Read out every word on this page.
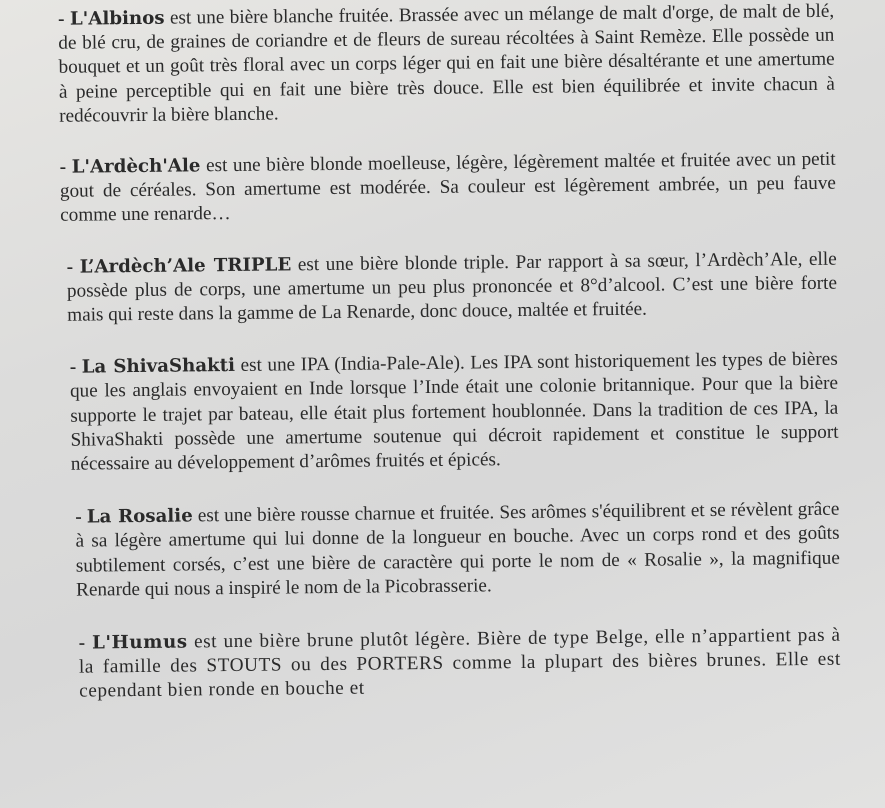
- L'Albinos est une bière blanche fruitée. Brassée avec un mélange de malt d'orge, de malt de blé, de blé cru, de graines de coriandre et de fleurs de sureau récoltées à Saint Remèze. Elle possède un bouquet et un goût très floral avec un corps léger qui en fait une bière désaltérante et une amertume à peine perceptible qui en fait une bière très douce. Elle est bien équilibrée et invite chacun à redécouvrir la bière blanche.

- L'Ardèch'Ale est une bière blonde moelleuse, légère, légèrement maltée et fruitée avec un petit gout de céréales. Son amertume est modérée. Sa couleur est légèrement ambrée, un peu fauve comme une renarde…

- L’Ardèch’Ale TRIPLE est une bière blonde triple. Par rapport à sa sœur, l’Ardèch’Ale, elle possède plus de corps, une amertume un peu plus prononcée et 8°d’alcool. C’est une bière forte mais qui reste dans la gamme de La Renarde, donc douce, maltée et fruitée.

- La ShivaShakti est une IPA (India-Pale-Ale). Les IPA sont historiquement les types de bières que les anglais envoyaient en Inde lorsque l’Inde était une colonie britannique. Pour que la bière supporte le trajet par bateau, elle était plus fortement houblonnée. Dans la tradition de ces IPA, la ShivaShakti possède une amertume soutenue qui décroit rapidement et constitue le support nécessaire au développement d’arômes fruités et épicés.

- La Rosalie est une bière rousse charnue et fruitée. Ses arômes s'équilibrent et se révèlent grâce à sa légère amertume qui lui donne de la longueur en bouche. Avec un corps rond et des goûts subtilement corsés, c’est une bière de caractère qui porte le nom de « Rosalie », la magnifique Renarde qui nous a inspiré le nom de la Picobrasserie.

- L'Humus est une bière brune plutôt légère. Bière de type Belge, elle n’appartient pas à la famille des STOUTS ou des PORTERS comme la plupart des bières brunes. Elle est cependant bien ronde en bouche et
